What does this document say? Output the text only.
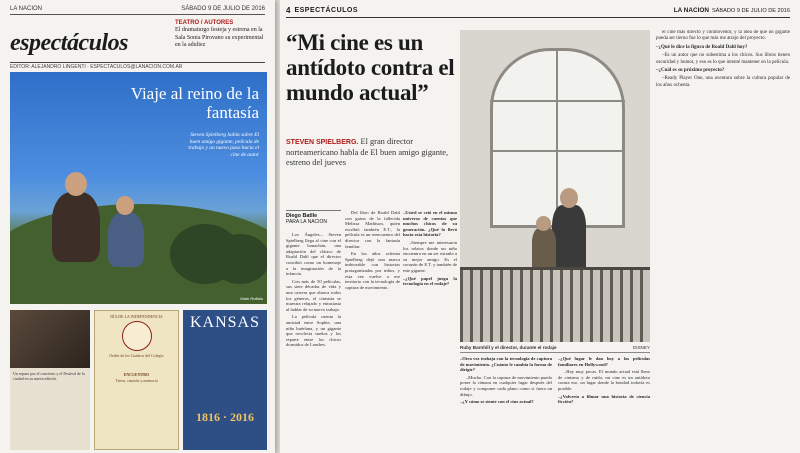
LA NACION	SÁBADO 9 DE JULIO DE 2016
espectáculos
TEATRO / AUTORES
El dramaturgo festeja y estrena en la Sala Sonia Pirovano su experimental en la adultez
EDITOR: ALEJANDRO LINGENTI · ESPECTACULOS@LANACION.COM.AR
Viaje al reino de la fantasía
Steven Spielberg habla sobre El buen amigo gigante, película de trabajo y un nuevo paso hacia el cine de autor
Mark Ruffalo
Un repaso por el concierto y el Festival de la ciudad en su nueva edición
DÍA DE LA INDEPENDENCIA
Orden de los Cuadros del Colegio
ENCUENTRO
Tierra, canción y memoria
KANSAS
1816 · 2016
4 ESPECTÁCULOS	LA NACION SÁBADO 9 DE JULIO DE 2016
“Mi cine es un antídoto contra el mundo actual”
STEVEN SPIELBERG. El gran director norteamericano habla de El buen amigo gigante, estreno del jueves
Diego Batlle
PARA LA NACION

Los Ángeles.– Steven Spielberg llega al cine con el gigante bonachón, una adaptación del clásico de Roald Dahl que el director concibió como un homenaje a la imaginación de la infancia.

Con más de 50 películas, sus siete décadas de vida y una carrera que abarca todos los géneros, el cineasta se muestra relajado y entusiasta al hablar de su nuevo trabajo.

La película cuenta la amistad entre Sophie, una niña huérfana, y un gigante que recolecta sueños y los reparte entre los chicos dormidos de Londres.

Del libro de Roald Dahl con guion de la fallecida Melissa Mathison, quien escribió también E.T., la película es un reencuentro del director con la fantasía familiar.

En los años ochenta Spielberg dejó una marca imborrable con historias protagonizadas por niños, y esta vez vuelve a ese territorio con la tecnología de captura de movimiento.

–Usted se crió en el mismo universo de cuentos que muchos chicos de su generación. ¿Qué lo llevó hacia esta historia?

–Siempre me interesaron los relatos donde un niño encuentra en un ser extraño a su mejor amigo. Es el corazón de E.T. y también de este gigante.

–¿Qué papel juega la tecnología en el rodaje?

Ruby Barnhill y el director, durante el rodaje	DISNEY

–Otra vez trabaja con la tecnología de captura de movimiento. ¿Cuánto le cambia la forma de dirigir?

–Mucho. Con la captura de movimiento puedo poner la cámara en cualquier lugar después del rodaje y componer cada plano como si fuera un dibujo.

–¿Y cómo se siente con el cine actual?

–¿Qué lugar le dan hoy a las películas familiares en Hollywood?

–Hay muy pocas. El mundo actual está lleno de cinismo y de ruido; mi cine es un antídoto contra eso, un lugar donde la bondad todavía es posible.

–¿Volvería a filmar una historia de ciencia ficción?

el cine más directo y conmovedor, y la idea de que un gigante pueda ser tierno fue lo que más me atrajo del proyecto.

–¿Qué le dice la figura de Roald Dahl hoy?

–Es un autor que no subestima a los chicos. Sus libros tienen oscuridad y humor, y eso es lo que intenté mantener en la película.

–¿Cuál es su próximo proyecto?

–Ready Player One, una aventura sobre la cultura popular de los años ochenta.
